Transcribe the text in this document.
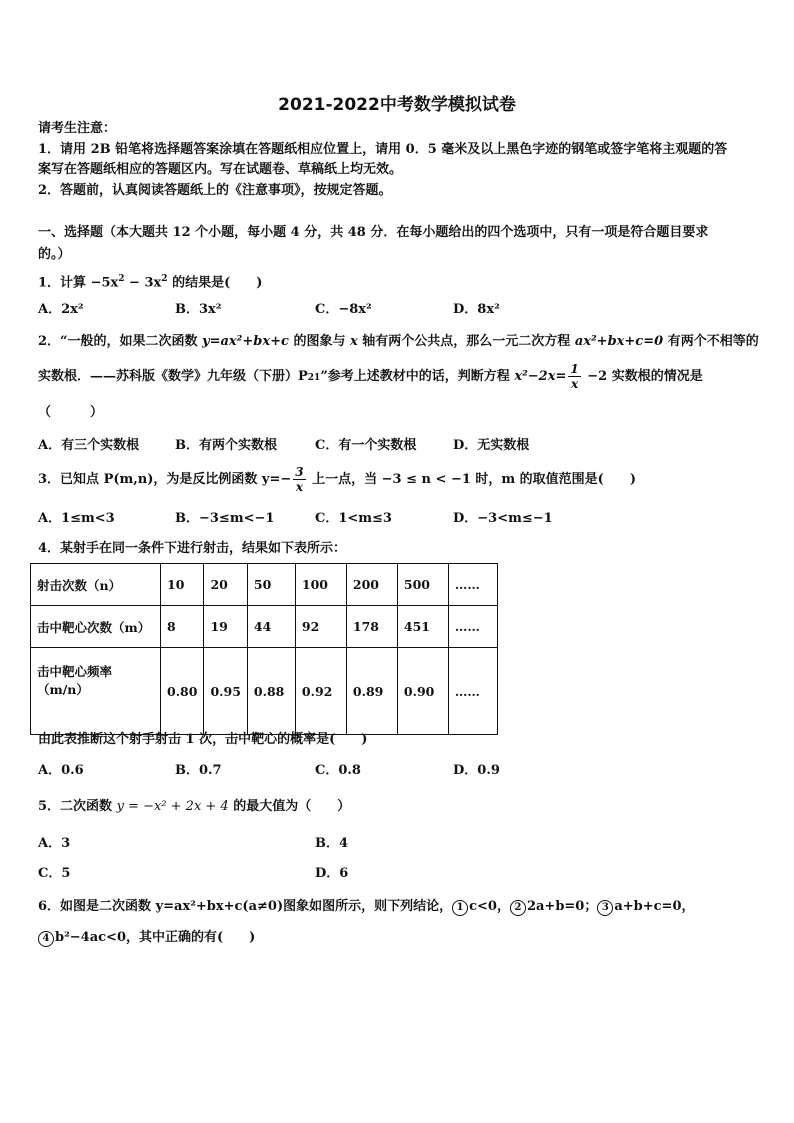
2021-2022中考数学模拟试卷
请考生注意：
1．请用 2B 铅笔将选择题答案涂填在答题纸相应位置上，请用 0．5 毫米及以上黑色字迹的钢笔或签字笔将主观题的答
案写在答题纸相应的答题区内。写在试题卷、草稿纸上均无效。
2．答题前，认真阅读答题纸上的《注意事项》，按规定答题。
一、选择题（本大题共 12 个小题，每小题 4 分，共 48 分．在每小题给出的四个选项中，只有一项是符合题目要求
的。）
1．计算 $-5x^2 - 3x^2$ 的结果是(　　)
A．2x²	B．3x²	C．−8x²	D．8x²
2．“一般的，如果二次函数 y=ax²+bx+c 的图象与 x 轴有两个公共点，那么一元二次方程 ax²+bx+c=0 有两个不相等的
实数根．——苏科版《数学》九年级（下册）P21”参考上述教材中的话，判断方程 $x^2-2x= \frac{1}{x} -2$ 实数根的情况是
（　　　）
A．有三个实数根	B．有两个实数根	C．有一个实数根	D．无实数根
3．已知点 P(m,n)，为是反比例函数 $y=- \frac{3}{x}$ 上一点，当 −3 ≤ n < −1 时，m 的取值范围是(　　)
A．1≤m<3	B．−3≤m<−1	C．1<m≤3	D．−3<m≤−1
4．某射手在同一条件下进行射击，结果如下表所示：
射击次数（n）	10	20	50	100	200	500	……
击中靶心次数（m）	8	19	44	92	178	451	……
击中靶心频率（m/n）	0.80	0.95	0.88	0.92	0.89	0.90	……
由此表推断这个射手射击 1 次，击中靶心的概率是(　　)
A．0.6	B．0.7	C．0.8	D．0.9
5．二次函数 y = −x² + 2x + 4 的最大值为（　　）
A．3	B．4
C．5	D．6
6．如图是二次函数 y=ax²+bx+c(a≠0)图象如图所示，则下列结论， 1 c<0， 2 2a+b=0； 3 a+b+c=0，
4 b²−4ac<0，其中正确的有(　　)
